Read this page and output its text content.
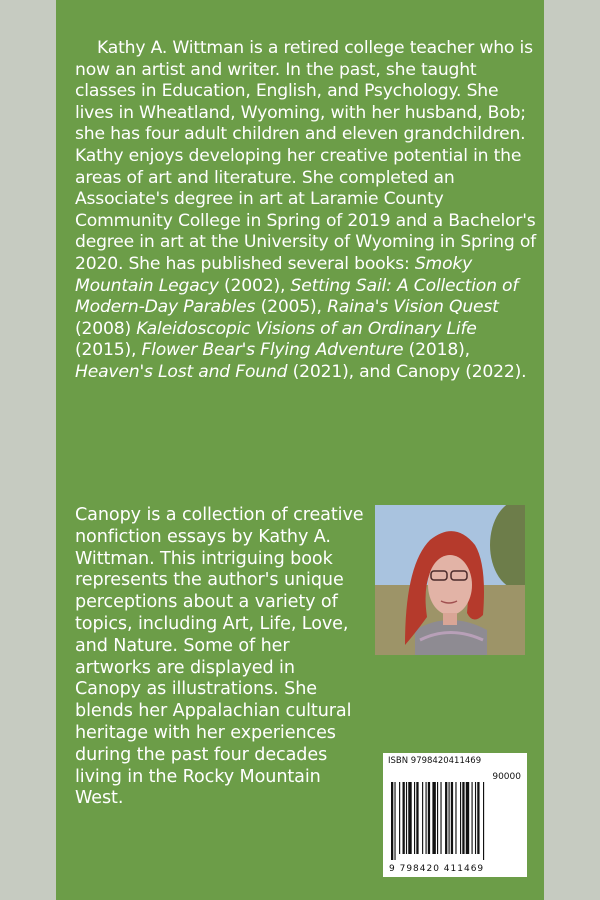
Kathy A. Wittman is a retired college teacher who is now an artist and writer. In the past, she taught classes in Education, English, and Psychology. She lives in Wheatland, Wyoming, with her husband, Bob; she has four adult children and eleven grandchildren. Kathy enjoys developing her creative potential in the areas of art and literature. She completed an Associate's degree in art at Laramie County Community College in Spring of 2019 and a Bachelor's degree in art at the University of Wyoming in Spring of 2020. She has published several books: Smoky Mountain Legacy (2002), Setting Sail: A Collection of Modern-Day Parables (2005), Raina's Vision Quest (2008) Kaleidoscopic Visions of an Ordinary Life (2015), Flower Bear's Flying Adventure (2018), Heaven's Lost and Found (2021), and Canopy (2022).

Canopy is a collection of creative nonfiction essays by Kathy A. Wittman. This intriguing book represents the author's unique perceptions about a variety of topics, including Art, Life, Love, and Nature. Some of her artworks are displayed in Canopy as illustrations. She blends her Appalachian cultural heritage with her experiences during the past four decades living in the Rocky Mountain West.

ISBN 9798420411469

90000

9 798420 411469
